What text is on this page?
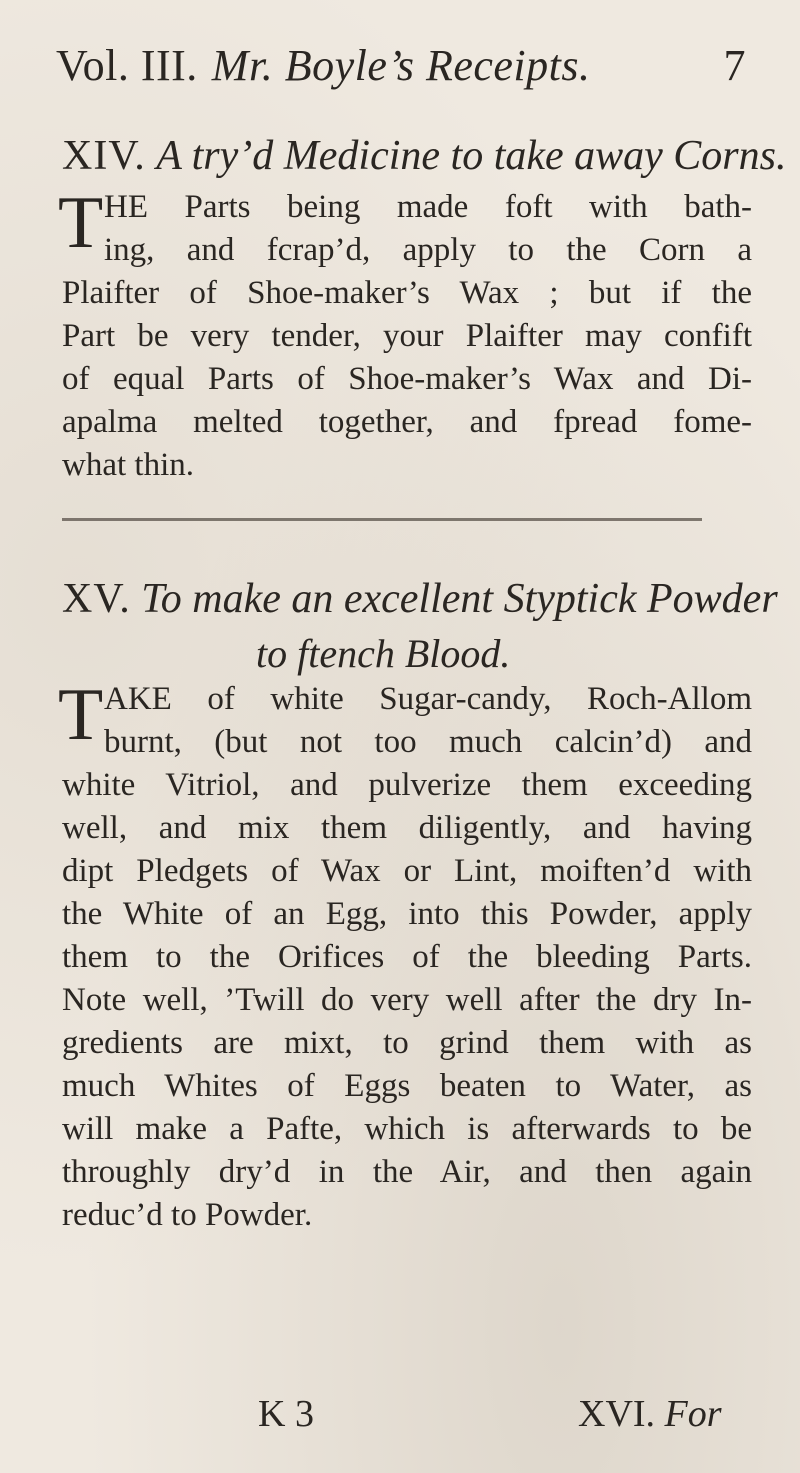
Vol. III. Mr. Boyle’s Receipts.	7
XIV. A try’d Medicine to take away Corns.
T HE Parts being made foft with bath-
ing, and fcrap’d, apply to the Corn a
Plaifter of Shoe-maker’s Wax ; but if the
Part be very tender, your Plaifter may confift
of equal Parts of Shoe-maker’s Wax and Di-
apalma melted together, and fpread fome-
what thin.
XV. To make an excellent Styptick Powder
to ftench Blood.
T AKE of white Sugar-candy, Roch-Allom
burnt, (but not too much calcin’d) and
white Vitriol, and pulverize them exceeding
well, and mix them diligently, and having
dipt Pledgets of Wax or Lint, moiften’d with
the White of an Egg, into this Powder, apply
them to the Orifices of the bleeding Parts.
Note well, ’Twill do very well after the dry In-
gredients are mixt, to grind them with as
much Whites of Eggs beaten to Water, as
will make a Pafte, which is afterwards to be
throughly dry’d in the Air, and then again
reduc’d to Powder.
K 3	XVI. For
